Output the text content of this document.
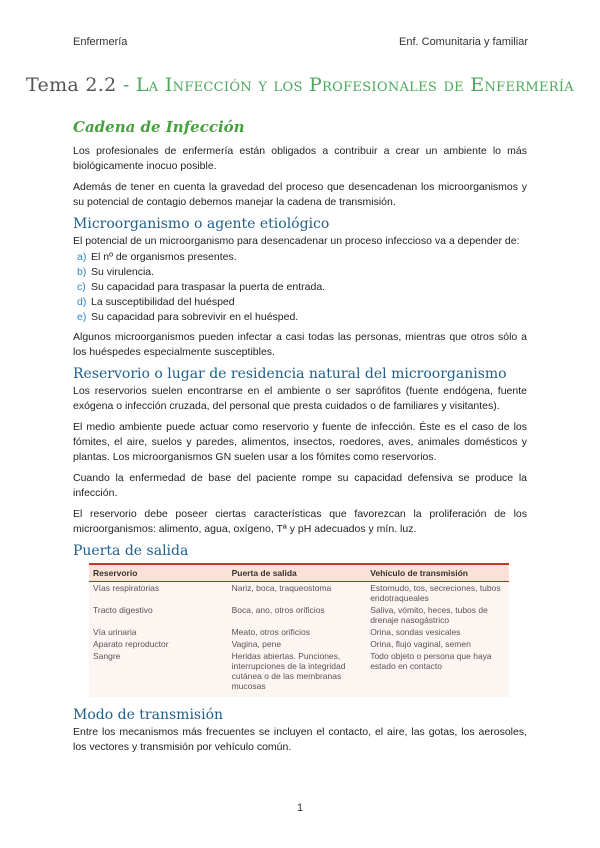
Enfermería	Enf. Comunitaria y familiar
Tema 2.2 - La Infección y los Profesionales de Enfermería
Cadena de Infección

Los profesionales de enfermería están obligados a contribuir a crear un ambiente lo más biológicamente inocuo posible.

Además de tener en cuenta la gravedad del proceso que desencadenan los microorganismos y su potencial de contagio debemos manejar la cadena de transmisión.

Microorganismo o agente etiológico

El potencial de un microorganismo para desencadenar un proceso infeccioso va a depender de:

a) El nº de organismos presentes.
b) Su virulencia.
c) Su capacidad para traspasar la puerta de entrada.
d) La susceptibilidad del huésped
e) Su capacidad para sobrevivir en el huésped.

Algunos microorganismos pueden infectar a casi todas las personas, mientras que otros sólo a los huéspedes especialmente susceptibles.

Reservorio o lugar de residencia natural del microorganismo

Los reservorios suelen encontrarse en el ambiente o ser saprófitos (fuente endógena, fuente exógena o infección cruzada, del personal que presta cuidados o de familiares y visitantes).

El medio ambiente puede actuar como reservorio y fuente de infección. Éste es el caso de los fómites, el aire, suelos y paredes, alimentos, insectos, roedores, aves, animales domésticos y plantas. Los microorganismos GN suelen usar a los fómites como reservorios.

Cuando la enfermedad de base del paciente rompe su capacidad defensiva se produce la infección.

El reservorio debe poseer ciertas características que favorezcan la proliferación de los microorganismos: alimento, agua, oxígeno, Tª y pH adecuados y mín. luz.

Puerta de salida
Reservorio	Puerta de salida	Vehículo de transmisión
Vías respiratorias	Nariz, boca, traqueostoma	Estornudo, tos, secreciones, tubos endotraqueales
Tracto digestivo	Boca, ano, otros orificios	Saliva, vómito, heces, tubos de drenaje nasogástrico
Vía urinaria	Meato, otros orificios	Orina, sondas vesicales
Aparato reproductor	Vagina, pene	Orina, flujo vaginal, semen
Sangre	Heridas abiertas. Punciones, interrupciones de la integridad cutánea o de las membranas mucosas	Todo objeto o persona que haya estado en contacto
Modo de transmisión

Entre los mecanismos más frecuentes se incluyen el contacto, el aire, las gotas, los aerosoles, los vectores y transmisión por vehículo común.

1
